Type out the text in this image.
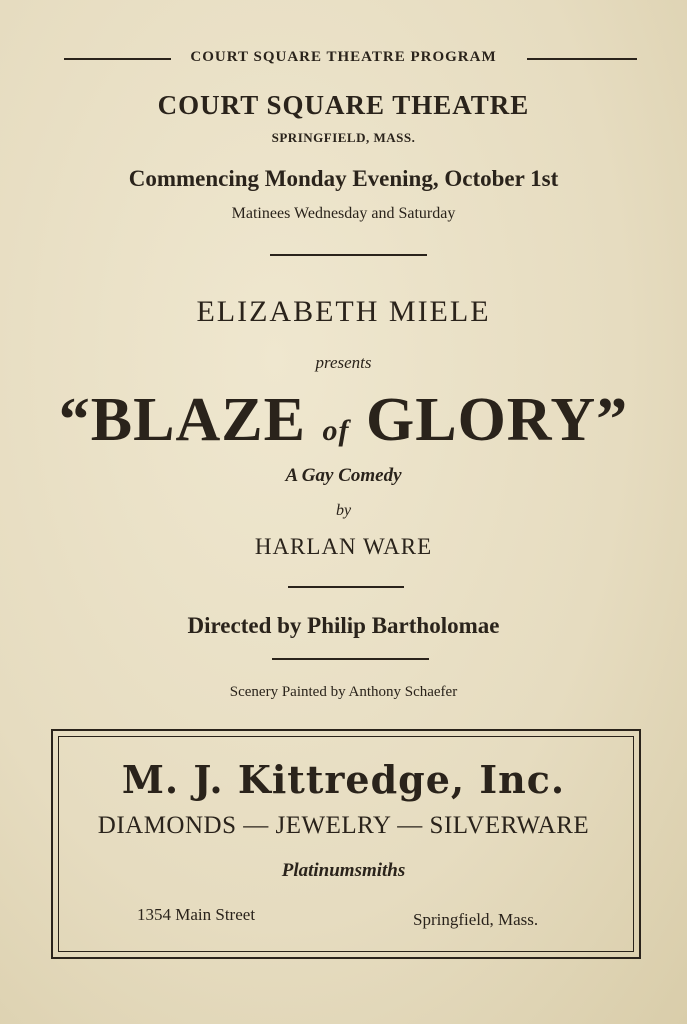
COURT SQUARE THEATRE PROGRAM
COURT SQUARE THEATRE
SPRINGFIELD, MASS.
Commencing Monday Evening, October 1st
Matinees Wednesday and Saturday
ELIZABETH MIELE
presents
“BLAZE of GLORY”
A Gay Comedy
by
HARLAN WARE
Directed by Philip Bartholomae
Scenery Painted by Anthony Schaefer
M. J. Kittredge, Inc.
DIAMONDS — JEWELRY — SILVERWARE
Platinumsmiths
1354 Main Street	Springfield, Mass.
